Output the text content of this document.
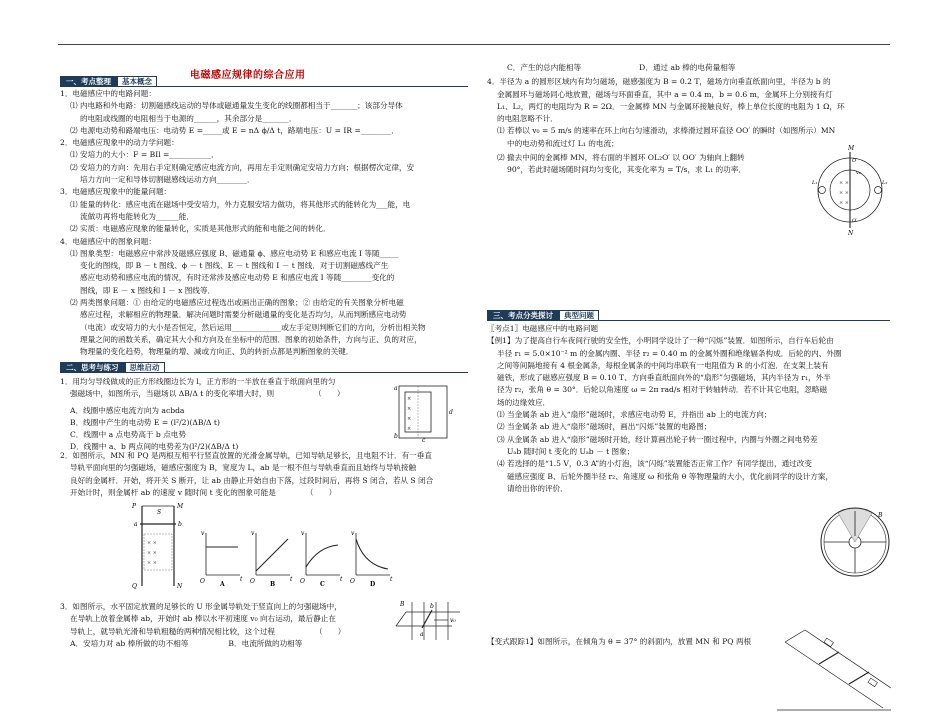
电磁感应规律的综合应用
一、考点整理 基本概念

1．电磁感应中的电路问题：

⑴ 内电路和外电路：切割磁感线运动的导体或磁通量发生变化的线圈都相当于_______；该部分导体

的电阻或线圈的电阻相当于电源的______，其余部分是_______．

⑵ 电源电动势和路端电压：电动势 E =_____或 E = nΔ ϕ/Δ t，路端电压：U = IR =________．

2．电磁感应现象中的动力学问题：

⑴ 安培力的大小：F = BIl =___________．

⑵ 安培力的方向：先用右手定则确定感应电流方向，再用左手定则确定安培力方向；根据楞次定律，安

培力方向一定和导体切割磁感线运动方向________．

3．电磁感应现象中的能量问题：

⑴ 能量的转化：感应电流在磁场中受安培力，外力克服安培力做功，将其他形式的能转化为___能，电

流做功再将电能转化为______能．

⑵ 实质：电磁感应现象的能量转化，实质是其他形式的能和电能之间的转化．

4．电磁感应中的图象问题：

⑴ 图象类型：电磁感应中常涉及磁感应强度 B、磁通量 ϕ、感应电动势 E 和感应电流 I 等随_____

变化的图线，即 B － t 图线、ϕ － t 图线、E － t 图线和 I － t 图线．对于切割磁感线产生

感应电动势和感应电流的情况，有时还常涉及感应电动势 E 和感应电流 I 等随________变化的

图线，即 E － x 图线和 I － x 图线等．

⑵ 两类图象问题：① 由给定的电磁感应过程选出或画出正确的图象；② 由给定的有关图象分析电磁

感应过程，求解相应的物理量．解决问题时需要分析磁通量的变化是否均匀，从而判断感应电动势

（电流）或安培力的大小是否恒定，然后运用_____________或左手定则判断它们的方向，分析出相关物

理量之间的函数关系，确定其大小和方向及在坐标中的范围．图象的初始条件，方向与正、负的对应，

物理量的变化趋势，物理量的增、减或方向正、负的转折点都是判断图象的关键．

二、思考与练习 思维启动

1．用均匀导线做成的正方形线圈边长为 l，正方形的一半放在垂直于纸面向里的匀

强磁场中，如图所示，当磁场以 ΔB/Δ t 的变化率增大时，则	（　　）

A．线圈中感应电流方向为 acbda

B．线圈中产生的电动势 E = (l²/2)(ΔB/Δ t)

C．线圈中 a 点电势高于 b 点电势

D．线圈中 a、b 两点间的电势差为(l²/2)(ΔB/Δ t)

×
×
×
×
a
b
c
d

2．如图所示，MN 和 PQ 是两根互相平行竖直放置的光滑金属导轨，已知导轨足够长，且电阻不计．有一垂直

导轨平面向里的匀强磁场，磁感应强度为 B，宽度为 L，ab 是一根不但与导轨垂直而且始终与导轨接触

良好的金属杆．开始，将开关 S 断开，让 ab 由静止开始自由下落，过段时间后，再将 S 闭合，若从 S 闭合

开始计时，则金属杆 ab 的速度 v 随时间 t 变化的图象可能是	（　　）

× ×
× ×
× ×
P	M
Q	N
a	b
S
v
t
O
v
t
O
v
t
O
v
t
O
A	B	C	D

3．如图所示，水平固定放置的足够长的 U 形金属导轨处于竖直向上的匀强磁场中，

在导轨上放着金属棒 ab，开始时 ab 棒以水平初速度 v₀ 向右运动，最后静止在

导轨上，就导轨光滑和导轨粗糙的两种情况相比较，这个过程	（　　）

A．安培力对 ab 棒所做的功不相等	B．电流所做的功相等

B
a
b
v₀

C．产生的总内能相等	D．通过 ab 棒的电荷量相等

4．半径为 a 的圆形区域内有均匀磁场，磁感强度为 B = 0.2 T，磁场方向垂直纸面向里，半径为 b 的

金属圆环与磁场同心地放置，磁场与环面垂直，其中 a = 0.4 m，b = 0.6 m，金属环上分别接有灯

L₁、L₂，两灯的电阻均为 R = 2Ω．一金属棒 MN 与金属环接触良好，棒上单位长度的电阻为 1 Ω，环

的电阻忽略不计．

⑴ 若棒以 v₀ = 5 m/s 的速率在环上向右匀速滑动，求棒滑过圆环直径 OO′ 的瞬时（如图所示）MN

中的电动势和流过灯 L₁ 的电流；

⑵ 撤去中间的金属棒 MN，将右面的半圆环 OL₂O′ 以 OO′ 为轴向上翻转

90°，若此时磁场随时间均匀变化，其变化率为 = T/s，求 L₁ 的功率．

× ×
× ×
× ×
M
N
O
O′
L₁	L₂
v₀
三、考点分类探讨 典型问题

〖考点1〗电磁感应中的电路问题

【例1】为了提高自行车夜间行驶的安全性，小明同学设计了一种“闪烁”装置．如图所示，自行车后轮由

半径 r₁ = 5.0×10⁻² m 的金属内圈、半径 r₂ = 0.40 m 的金属外圈和绝缘辐条构成．后轮的内、外圈

之间等间隔地接有 4 根金属条，每根金属条的中间均串联有一电阻值为 R 的小灯泡．在支架上装有

磁铁，形成了磁感应强度 B = 0.10 T、方向垂直纸面向外的“扇形”匀强磁场，其内半径为 r₁，外半

径为 r₂，张角 θ = 30°．后轮以角速度 ω = 2π rad/s 相对于转轴转动．若不计其它电阻，忽略磁

场的边缘效应．

⑴ 当金属条 ab 进入“扇形”磁场时，求感应电动势 E，并指出 ab 上的电流方向；

⑵ 当金属条 ab 进入“扇形”磁场时，画出“闪烁”装置的电路图；

⑶ 从金属条 ab 进入“扇形”磁场时开始，经计算画出轮子转一圈过程中，内圈与外圈之间电势差

Uₐb 随时间 t 变化的 Uₐb － t 图象；

⑷ 若选择的是“1.5 V，0.3 A”的小灯泡，该“闪烁”装置能否正常工作？有同学提出，通过改变

磁感应强度 B、后轮外圈半径 r₂、角速度 ω 和张角 θ 等物理量的大小，优化前同学的设计方案，

请给出你的评价．

B

【变式跟踪1】如图所示，在倾角为 θ = 37° 的斜面内，放置 MN 和 PQ 两根
